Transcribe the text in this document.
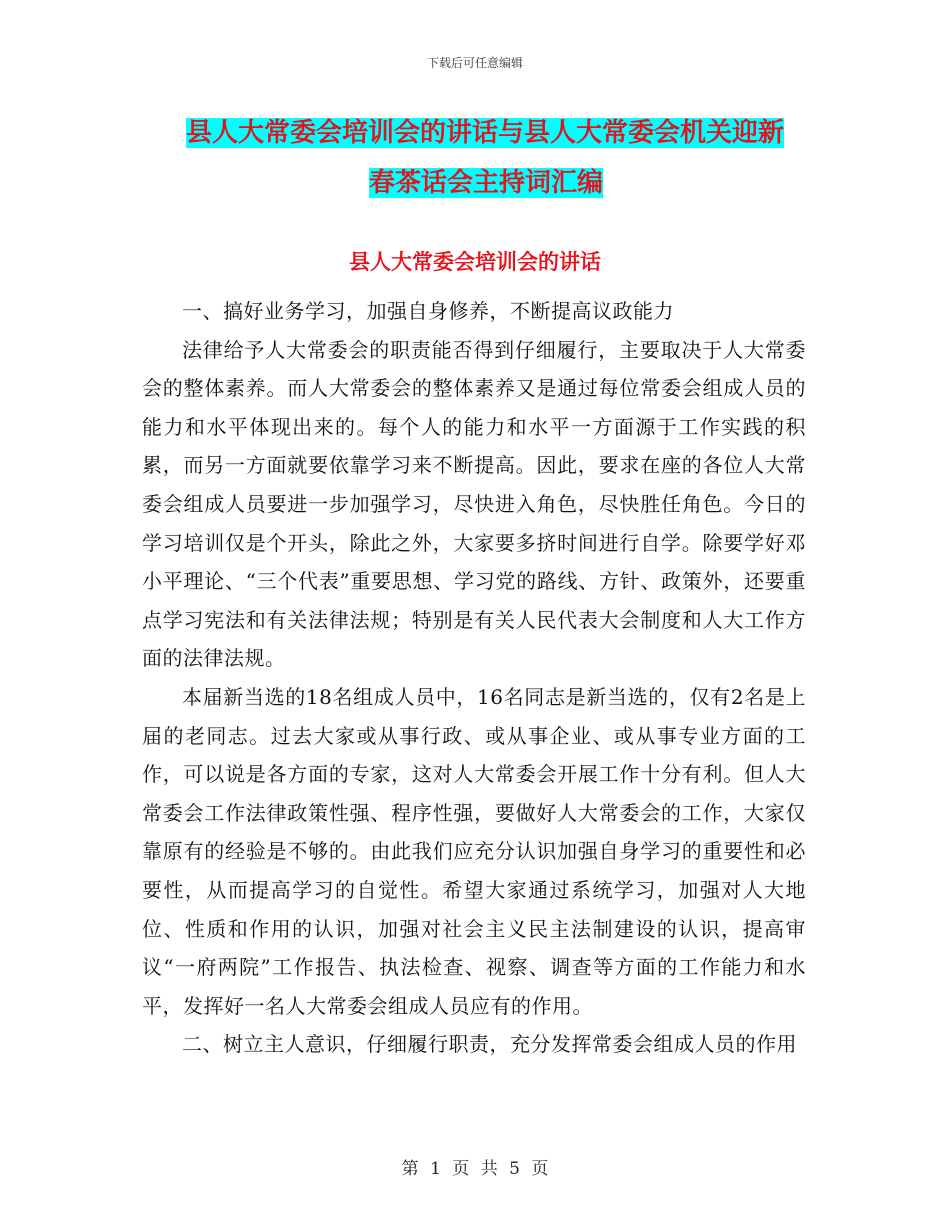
下载后可任意编辑
县人大常委会培训会的讲话与县人大常委会机关迎新
春茶话会主持词汇编
县人大常委会培训会的讲话

一、搞好业务学习，加强自身修养，不断提高议政能力

法律给予人大常委会的职责能否得到仔细履行，主要取决于人大常委会的整体素养。而人大常委会的整体素养又是通过每位常委会组成人员的能力和水平体现出来的。每个人的能力和水平一方面源于工作实践的积累，而另一方面就要依靠学习来不断提高。因此，要求在座的各位人大常委会组成人员要进一步加强学习，尽快进入角色，尽快胜任角色。今日的学习培训仅是个开头，除此之外，大家要多挤时间进行自学。除要学好邓小平理论、“三个代表”重要思想、学习党的路线、方针、政策外，还要重点学习宪法和有关法律法规；特别是有关人民代表大会制度和人大工作方面的法律法规。

本届新当选的18名组成人员中，16名同志是新当选的，仅有2名是上届的老同志。过去大家或从事行政、或从事企业、或从事专业方面的工作，可以说是各方面的专家，这对人大常委会开展工作十分有利。但人大常委会工作法律政策性强、程序性强，要做好人大常委会的工作，大家仅靠原有的经验是不够的。由此我们应充分认识加强自身学习的重要性和必要性，从而提高学习的自觉性。希望大家通过系统学习，加强对人大地位、性质和作用的认识，加强对社会主义民主法制建设的认识，提高审议“一府两院”工作报告、执法检查、视察、调查等方面的工作能力和水平，发挥好一名人大常委会组成人员应有的作用。

二、树立主人意识，仔细履行职责，充分发挥常委会组成人员的作用

第 1 页 共 5 页
